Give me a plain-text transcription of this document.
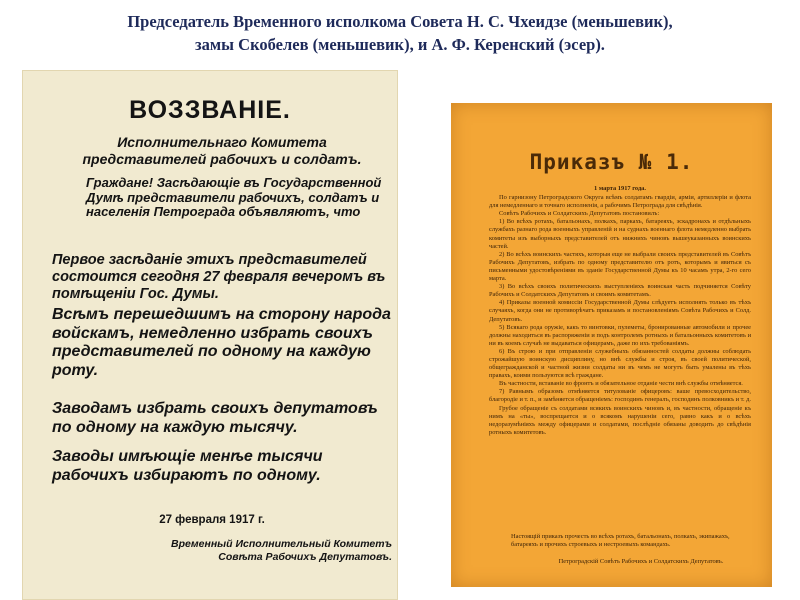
Председатель Временного исполкома Совета Н. С. Чхеидзе (меньшевик),
замы Скобелев (меньшевик), и А. Ф. Керенский (эсер).
ВОЗЗВАНІЕ.
Исполнительнаго Комитета представителей рабочихъ и солдатъ.
Граждане! Засѣдающіе въ Государственной Думѣ представители рабочихъ, солдатъ и населенія Петрограда объявляютъ, что
Первое засѣданіе этихъ представителей состоится сегодня 27 февраля вечеромъ въ помѣщеніи Гос. Думы.
Всѣмъ перешедшимъ на сторону народа войскамъ, немедленно избрать своихъ представителей по одному на каждую роту.
Заводамъ избрать своихъ депутатовъ по одному на каждую тысячу.
Заводы имѣющіе менѣе тысячи рабочихъ избираютъ по одному.
27 февраля 1917 г.
Временный Исполнительный Комитетъ
Совѣта Рабочихъ Депутатовъ.
Приказъ № 1.

1 марта 1917 года.

По гарнизону Петроградского Округа всѣмъ солдатамъ гвардіи, арміи, артиллеріи и флота для немедленнаго и точнаго исполненія, а рабочимъ Петрограда для свѣдѣнія.

Совѣтъ Рабочихъ и Солдатскихъ Депутатовъ постановилъ:

1) Во всѣхъ ротахъ, батальонахъ, полкахъ, паркахъ, батареяхъ, эскадронахъ и отдѣльныхъ службахъ разнаго рода военныхъ управленій и на суднахъ военнаго флота немедленно выбрать комитеты изъ выборныхъ представителей отъ нижнихъ чиновъ вышеуказанныхъ воинскихъ частей.

2) Во всѣхъ воинскихъ частяхъ, которыя еще не выбрали своихъ представителей въ Совѣтъ Рабочихъ Депутатовъ, избрать по одному представителю отъ ротъ, которымъ и явиться съ письменными удостовѣреніями въ зданіе Государственной Думы къ 10 часамъ утра, 2-го сего марта.

3) Во всѣхъ своихъ политическихъ выступленіяхъ воинская часть подчиняется Совѣту Рабочихъ и Солдатскихъ Депутатовъ и своимъ комитетамъ.

4) Приказы военной комиссіи Государственной Думы слѣдуетъ исполнять только въ тѣхъ случаяхъ, когда они не противорѣчатъ приказамъ и постановленіямъ Совѣта Рабочихъ и Солд. Депутатовъ.

5) Всякаго рода оружіе, какъ то винтовки, пулеметы, бронированные автомобили и прочее должны находиться въ распоряженіи и подъ контролемъ ротныхъ и батальонныхъ комитетовъ и ни въ коемъ случаѣ не выдаваться офицерамъ, даже по ихъ требованіямъ.

6) Въ строю и при отправленіи служебныхъ обязанностей солдаты должны соблюдать строжайшую воинскую дисциплину, но внѣ службы и строя, въ своей политической, общегражданской и частной жизни солдаты ни въ чемъ не могутъ быть умалены въ тѣхъ правахъ, коими пользуются всѣ граждане.

Въ частности, вставаніе во фронтъ и обязательное отданіе чести внѣ службы отмѣняется.

7) Равнымъ образомъ отмѣняется титулованіе офицеровъ: ваше превосходительство, благородіе и т. п., и замѣняется обращеніемъ: господинъ генералъ, господинъ полковникъ и т. д.

Грубое обращеніе съ солдатами всякихъ воинскихъ чиновъ и, въ частности, обращеніе къ нимъ на «ты», воспрещается и о всякомъ нарушеніи сего, равно какъ и о всѣхъ недоразумѣніяхъ между офицерами и солдатами, послѣдніе обязаны доводить до свѣдѣнія ротныхъ комитетовъ.

Настоящій приказъ прочесть во всѣхъ ротахъ, батальонахъ, полкахъ, экипажахъ, батареяхъ и прочихъ строевыхъ и нестроевыхъ командахъ.
Петроградскій Совѣтъ Рабочихъ и Солдатскихъ Депутатовъ.
